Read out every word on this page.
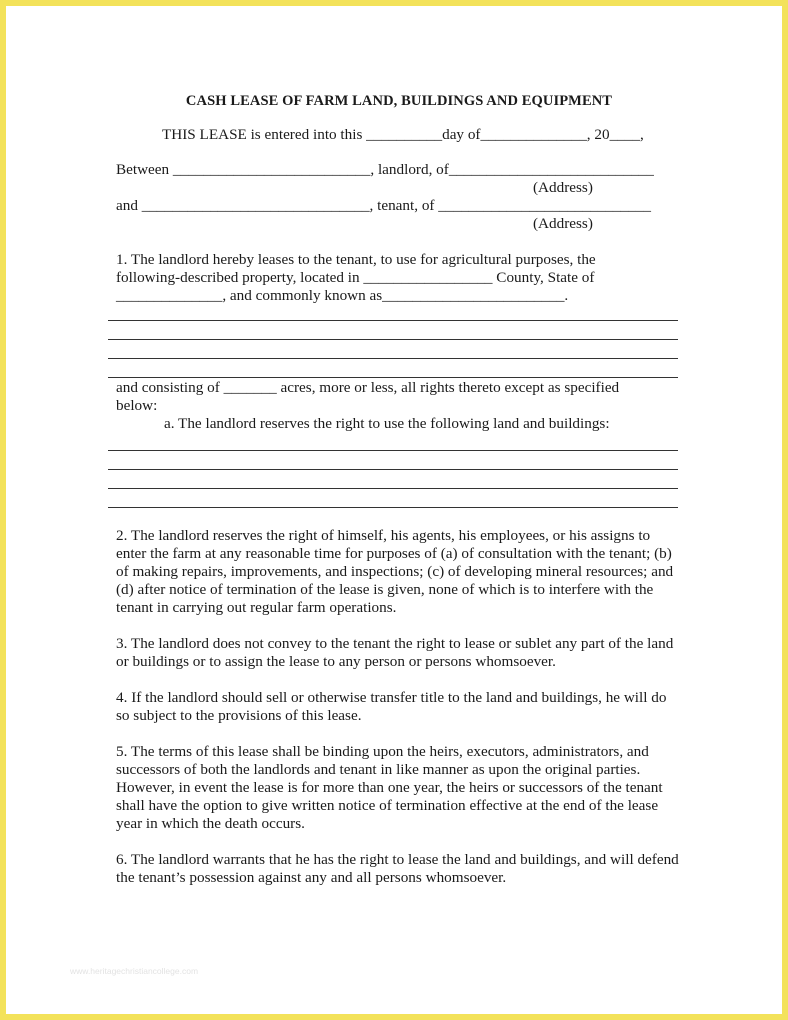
CASH LEASE OF FARM LAND, BUILDINGS AND EQUIPMENT
THIS LEASE is entered into this __________day of______________, 20____,
Between __________________________, landlord, of___________________________
(Address)
and ______________________________, tenant, of ____________________________
(Address)
1. The landlord hereby leases to the tenant, to use for agricultural purposes, the
following-described property, located in _________________ County, State of
______________, and commonly known as________________________.
and consisting of _______ acres, more or less, all rights thereto except as specified
below:
a. The landlord reserves the right to use the following land and buildings:
2. The landlord reserves the right of himself, his agents, his employees, or his assigns to enter the farm at any reasonable time for purposes of (a) of consultation with the tenant; (b) of making repairs, improvements, and inspections; (c) of developing mineral resources; and (d) after notice of termination of the lease is given, none of which is to interfere with the tenant in carrying out regular farm operations.
3. The landlord does not convey to the tenant the right to lease or sublet any part of the land or buildings or to assign the lease to any person or persons whomsoever.
4. If the landlord should sell or otherwise transfer title to the land and buildings, he will do so subject to the provisions of this lease.
5. The terms of this lease shall be binding upon the heirs, executors, administrators, and successors of both the landlords and tenant in like manner as upon the original parties. However, in event the lease is for more than one year, the heirs or successors of the tenant shall have the option to give written notice of termination effective at the end of the lease year in which the death occurs.
6. The landlord warrants that he has the right to lease the land and buildings, and will defend the tenant’s possession against any and all persons whomsoever.
www.heritagechristiancollege.com
